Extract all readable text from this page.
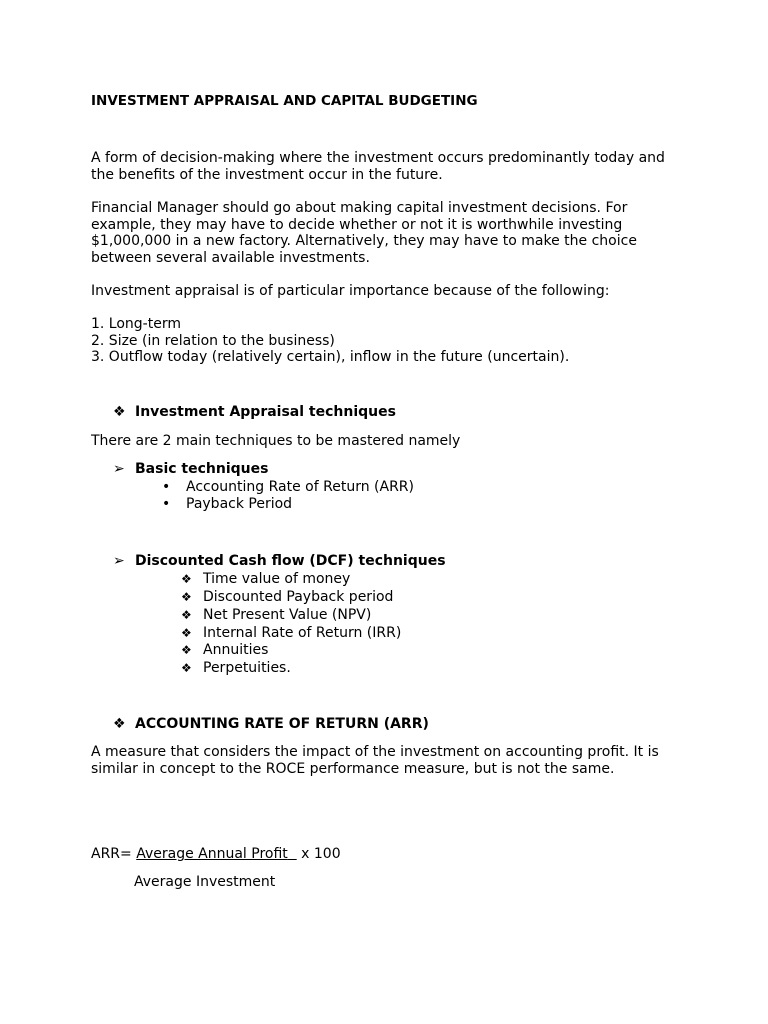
INVESTMENT APPRAISAL AND CAPITAL BUDGETING
A form of decision-making where the investment occurs predominantly today and
the benefits of the investment occur in the future.
Financial Manager should go about making capital investment decisions. For
example, they may have to decide whether or not it is worthwhile investing
$1,000,000 in a new factory. Alternatively, they may have to make the choice
between several available investments.
Investment appraisal is of particular importance because of the following:
1. Long-term
2. Size (in relation to the business)
3. Outflow today (relatively certain), inflow in the future (uncertain).
❖ Investment Appraisal techniques
There are 2 main techniques to be mastered namely
➢ Basic techniques
• Accounting Rate of Return (ARR)
• Payback Period
➢ Discounted Cash flow (DCF) techniques
❖ Time value of money
❖ Discounted Payback period
❖ Net Present Value (NPV)
❖ Internal Rate of Return (IRR)
❖ Annuities
❖ Perpetuities.
❖ ACCOUNTING RATE OF RETURN (ARR)
A measure that considers the impact of the investment on accounting profit. It is
similar in concept to the ROCE performance measure, but is not the same.
ARR= Average Annual Profit x 100
Average Investment
